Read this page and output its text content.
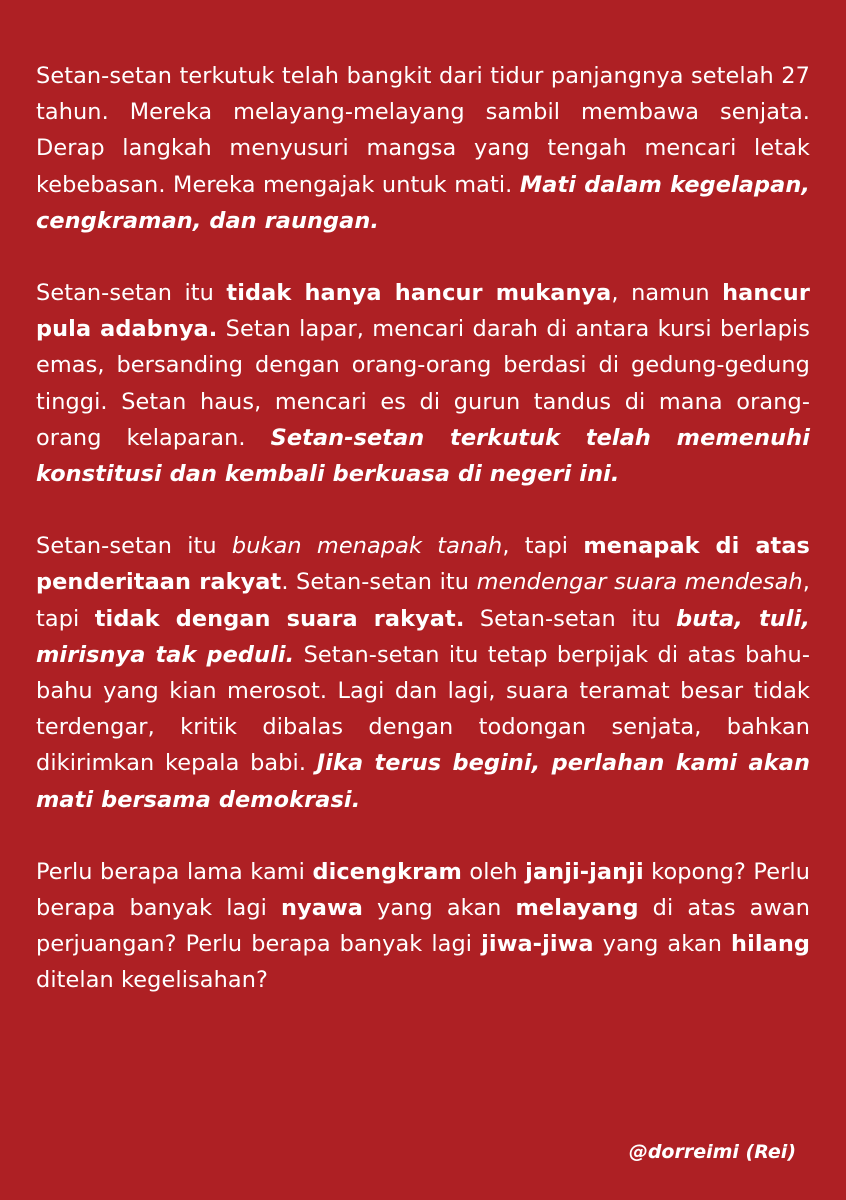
Setan-setan terkutuk telah bangkit dari tidur panjangnya setelah 27 tahun. Mereka melayang-melayang sambil membawa senjata. Derap langkah menyusuri mangsa yang tengah mencari letak kebebasan. Mereka mengajak untuk mati. Mati dalam kegelapan, cengkraman, dan raungan.

Setan-setan itu tidak hanya hancur mukanya, namun hancur pula adabnya. Setan lapar, mencari darah di antara kursi berlapis emas, bersanding dengan orang-orang berdasi di gedung-gedung tinggi. Setan haus, mencari es di gurun tandus di mana orang-orang kelaparan. Setan-setan terkutuk telah memenuhi konstitusi dan kembali berkuasa di negeri ini.

Setan-setan itu bukan menapak tanah, tapi menapak di atas penderitaan rakyat. Setan-setan itu mendengar suara mendesah, tapi tidak dengan suara rakyat. Setan-setan itu buta, tuli, mirisnya tak peduli. Setan-setan itu tetap berpijak di atas bahu-bahu yang kian merosot. Lagi dan lagi, suara teramat besar tidak terdengar, kritik dibalas dengan todongan senjata, bahkan dikirimkan kepala babi. Jika terus begini, perlahan kami akan mati bersama demokrasi.

Perlu berapa lama kami dicengkram oleh janji-janji kopong? Perlu berapa banyak lagi nyawa yang akan melayang di atas awan perjuangan? Perlu berapa banyak lagi jiwa-jiwa yang akan hilang ditelan kegelisahan?

@dorreimi (Rei)
